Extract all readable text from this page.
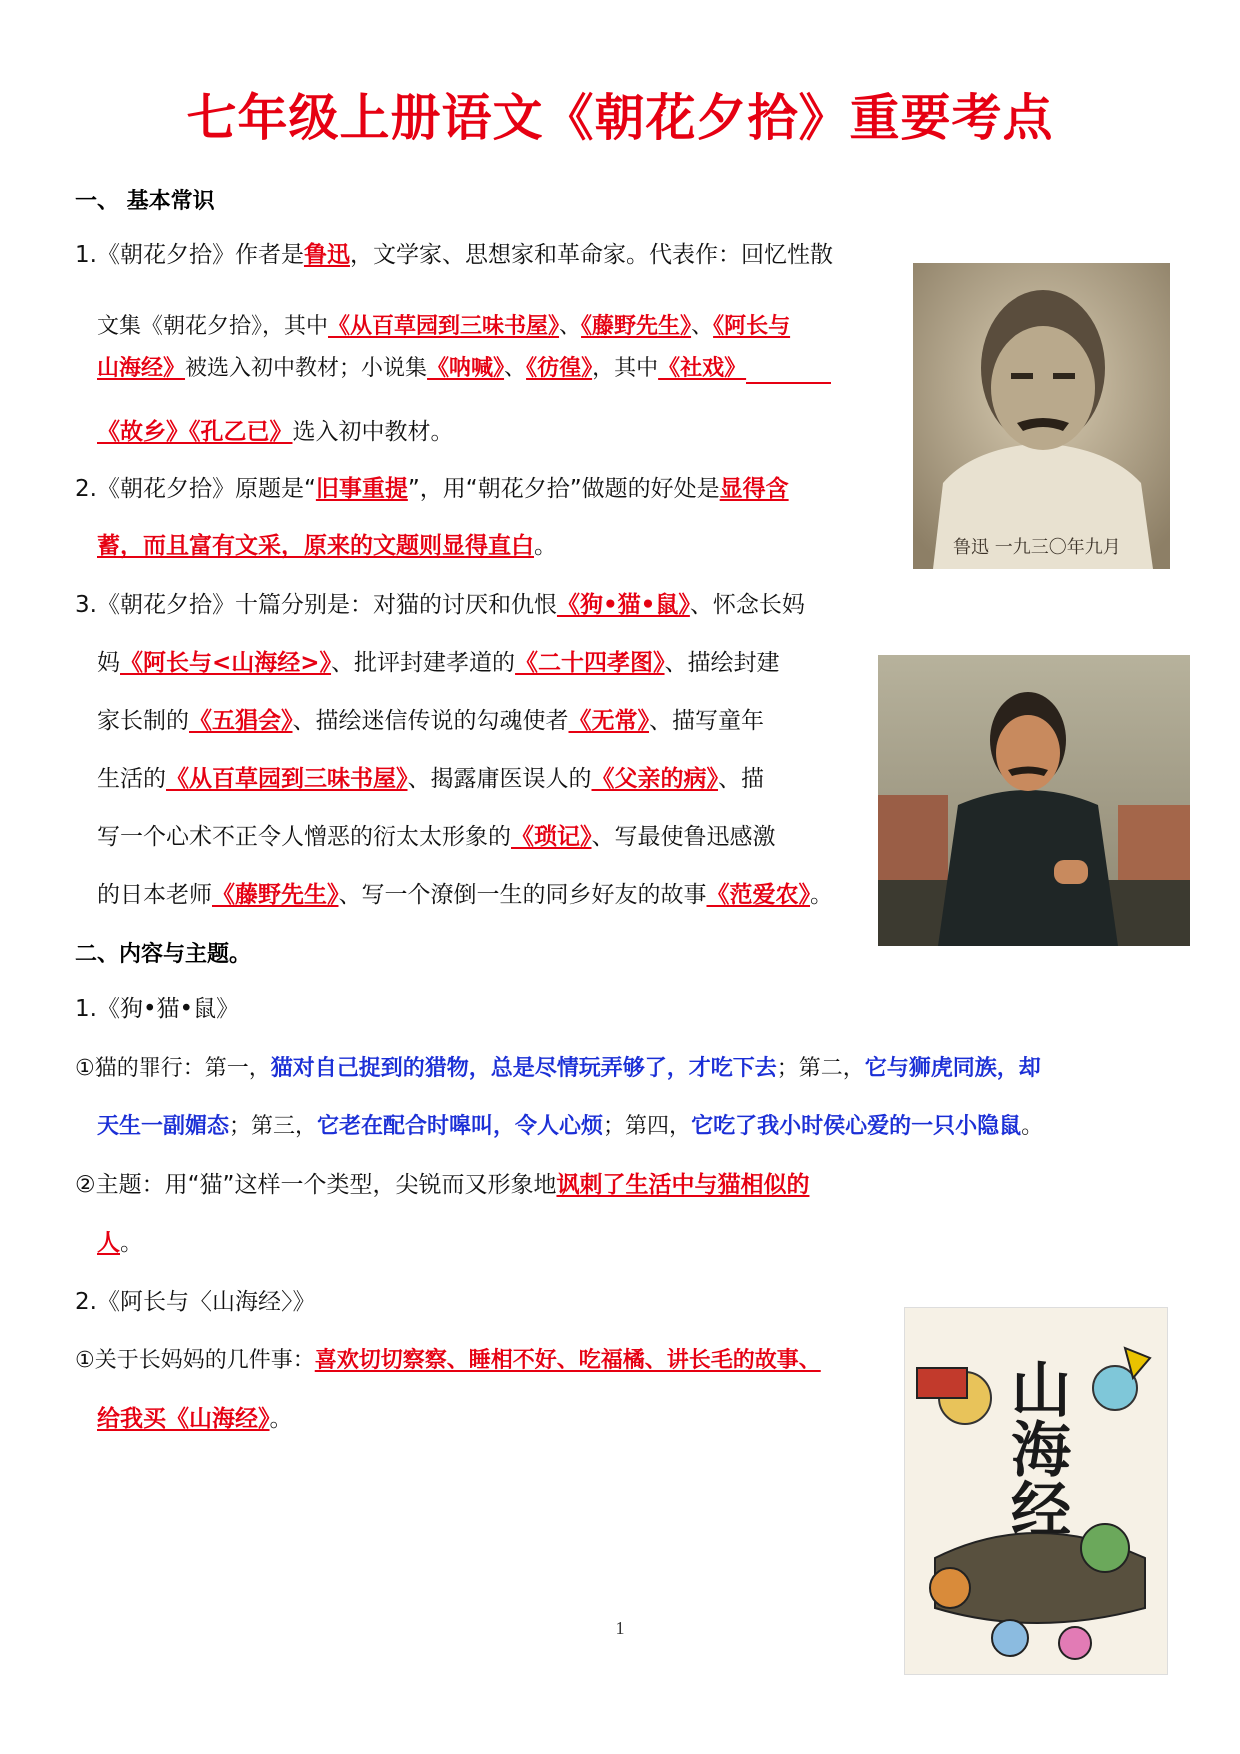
七年级上册语文《朝花夕拾》重要考点
一、 基本常识
1.《朝花夕拾》作者是鲁迅，文学家、思想家和革命家。代表作：回忆性散
文集《朝花夕拾》，其中《从百草园到三味书屋》、《藤野先生》、《阿长与
山海经》被选入初中教材；小说集《呐喊》、《彷徨》，其中《社戏》
《故乡》《孔乙已》选入初中教材。
2.《朝花夕拾》原题是“旧事重提”，用“朝花夕拾”做题的好处是显得含
蓄，而且富有文采，原来的文题则显得直白。
3.《朝花夕拾》十篇分别是：对猫的讨厌和仇恨《狗•猫•鼠》、怀念长妈
妈《阿长与<山海经>》、批评封建孝道的《二十四孝图》、描绘封建
家长制的《五猖会》、描绘迷信传说的勾魂使者《无常》、描写童年
生活的《从百草园到三味书屋》、揭露庸医误人的《父亲的病》、描
写一个心术不正令人憎恶的衍太太形象的《琐记》、写最使鲁迅感激
的日本老师《藤野先生》、写一个潦倒一生的同乡好友的故事《范爱农》。
二、内容与主题。
1.《狗•猫•鼠》
①猫的罪行：第一，猫对自己捉到的猎物，总是尽情玩弄够了，才吃下去；第二，它与狮虎同族，却
天生一副媚态；第三，它老在配合时嗥叫，令人心烦；第四，它吃了我小时侯心爱的一只小隐鼠。
②主题：用“猫”这样一个类型，尖锐而又形象地讽刺了生活中与猫相似的
人。
2.《阿长与〈山海经〉》
①关于长妈妈的几件事：喜欢切切察察、睡相不好、吃福橘、讲长毛的故事、
给我买《山海经》。
鲁迅 一九三〇年九月
山海经
1
